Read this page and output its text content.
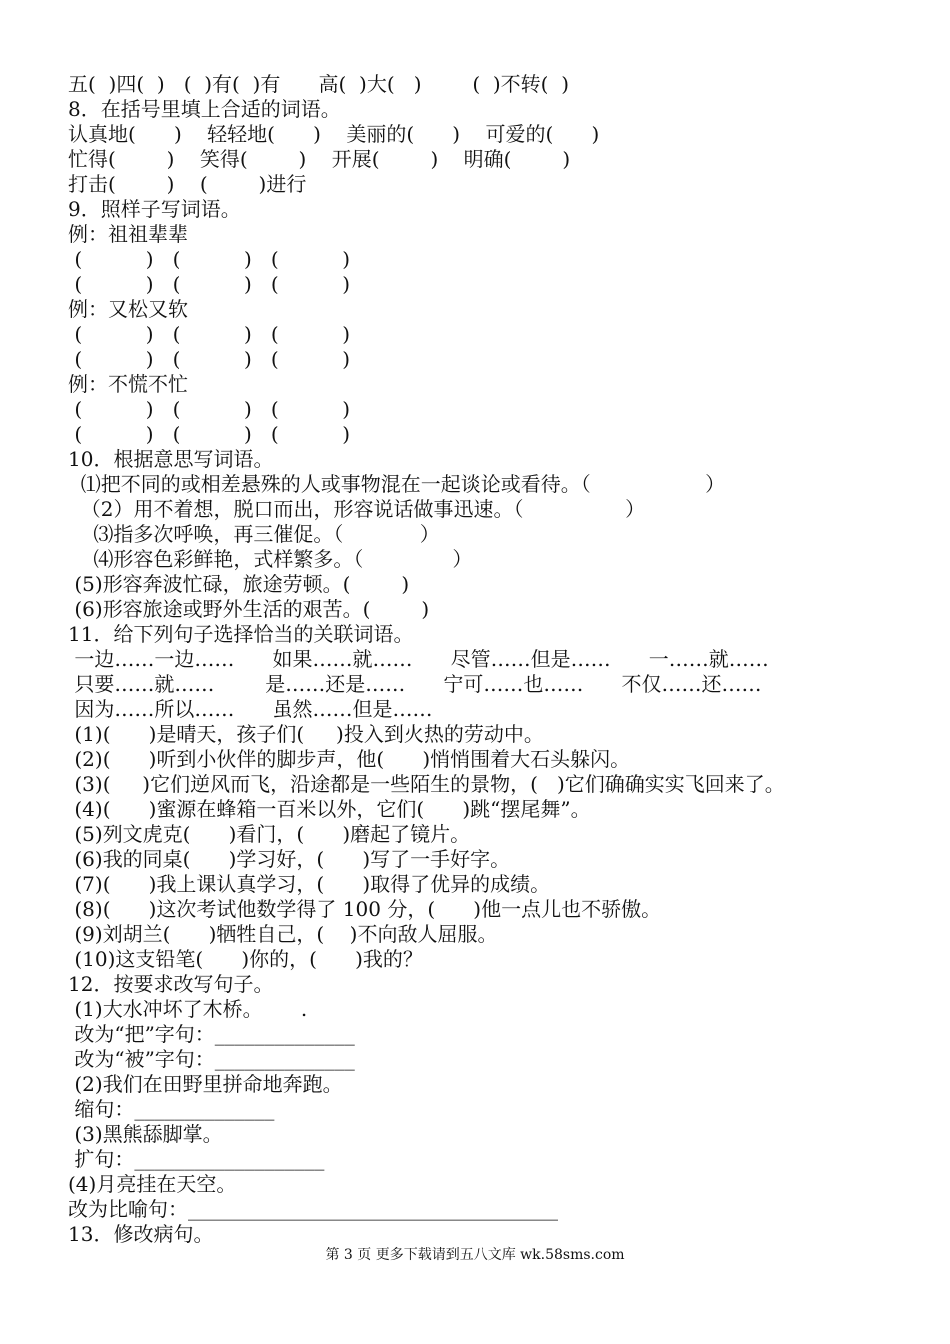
五(  )四(  )   (  )有(  )有      高(  )大(   )        (  )不转(  )
8．在括号里填上合适的词语。
认真地(      )    轻轻地(      )    美丽的(      )    可爱的(      )
忙得(        )    笑得(        )    开展(        )    明确(        )
打击(        )    (        )进行
9．照样子写词语。
例：祖祖辈辈
(          )   (          )   (          )
(          )   (          )   (          )
例：又松又软
(          )   (          )   (          )
(          )   (          )   (          )
例：不慌不忙
(          )   (          )   (          )
(          )   (          )   (          )
10．根据意思写词语。
⑴把不同的或相差悬殊的人或事物混在一起谈论或看待。（                  ）
（2）用不着想，脱口而出，形容说话做事迅速。（                ）
⑶指多次呼唤，再三催促。（            ）
⑷形容色彩鲜艳，式样繁多。（              ）
(5)形容奔波忙碌，旅途劳顿。(        )
(6)形容旅途或野外生活的艰苦。(        )
11．给下列句子选择恰当的关联词语。
一边……一边……      如果……就……      尽管……但是……      一……就……
只要……就……        是……还是……      宁可……也……      不仅……还……
因为……所以……      虽然……但是……
(1)(      )是晴天，孩子们(     )投入到火热的劳动中。
(2)(      )听到小伙伴的脚步声，他(      )悄悄围着大石头躲闪。
(3)(     )它们逆风而飞，沿途都是一些陌生的景物，(   )它们确确实实飞回来了。
(4)(      )蜜源在蜂箱一百米以外，它们(      )跳“摆尾舞”。
(5)列文虎克(      )看门，(      )磨起了镜片。
(6)我的同桌(      )学习好，(      )写了一手好字。
(7)(      )我上课认真学习，(      )取得了优异的成绩。
(8)(      )这次考试他数学得了 100 分，(      )他一点儿也不骄傲。
(9)刘胡兰(      )牺牲自己，(    )不向敌人屈服。
(10)这支铅笔(      )你的，(      )我的？
12．按要求改写句子。
(1)大水冲坏了木桥。      .
改为“把”字句：______________
改为“被”字句：______________
(2)我们在田野里拼命地奔跑。
缩句：______________
(3)黑熊舔脚掌。
扩句：___________________
(4)月亮挂在天空。
改为比喻句：_____________________________________
13．修改病句。
第 3 页 更多下载请到五八文库 wk.58sms.com
